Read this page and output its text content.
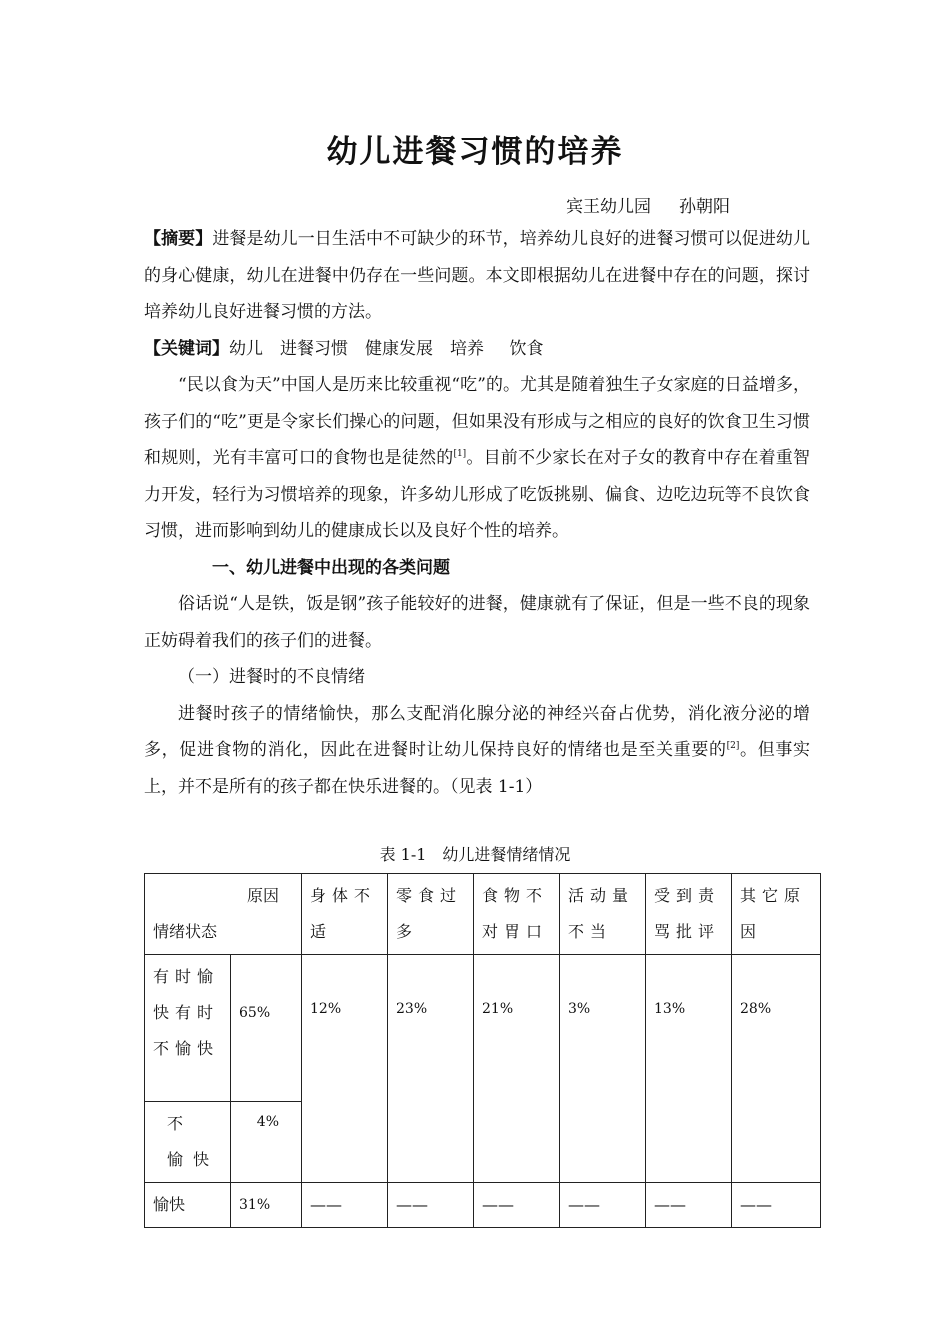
幼儿进餐习惯的培养
宾王幼儿园 孙朝阳

【摘要】进餐是幼儿一日生活中不可缺少的环节，培养幼儿良好的进餐习惯可以促进幼儿的身心健康，幼儿在进餐中仍存在一些问题。本文即根据幼儿在进餐中存在的问题，探讨培养幼儿良好进餐习惯的方法。

【关键词】幼儿  进餐习惯  健康发展  培养   饮食

“民以食为天”中国人是历来比较重视“吃”的。尤其是随着独生子女家庭的日益增多，孩子们的“吃”更是令家长们操心的问题，但如果没有形成与之相应的良好的饮食卫生习惯和规则，光有丰富可口的食物也是徒然的[1]。目前不少家长在对子女的教育中存在着重智力开发，轻行为习惯培养的现象，许多幼儿形成了吃饭挑剔、偏食、边吃边玩等不良饮食习惯，进而影响到幼儿的健康成长以及良好个性的培养。

一、幼儿进餐中出现的各类问题

俗话说“人是铁，饭是钢”孩子能较好的进餐，健康就有了保证，但是一些不良的现象正妨碍着我们的孩子们的进餐。

（一）进餐时的不良情绪

进餐时孩子的情绪愉快，那么支配消化腺分泌的神经兴奋占优势，消化液分泌的增多，促进食物的消化，因此在进餐时让幼儿保持良好的情绪也是至关重要的[2]。但事实上，并不是所有的孩子都在快乐进餐的。（见表 1-1）

表 1-1 幼儿进餐情绪情况
原因
情绪状态		身体不适	零食过多	食物不对胃口	活动量不当	受到责骂批评	其它原因
有时愉快有时不愉快	65%	12%	23%	21%	3%	13%	28%
不　愉快	4%						
愉快	31%	——	——	——	——	——	——
